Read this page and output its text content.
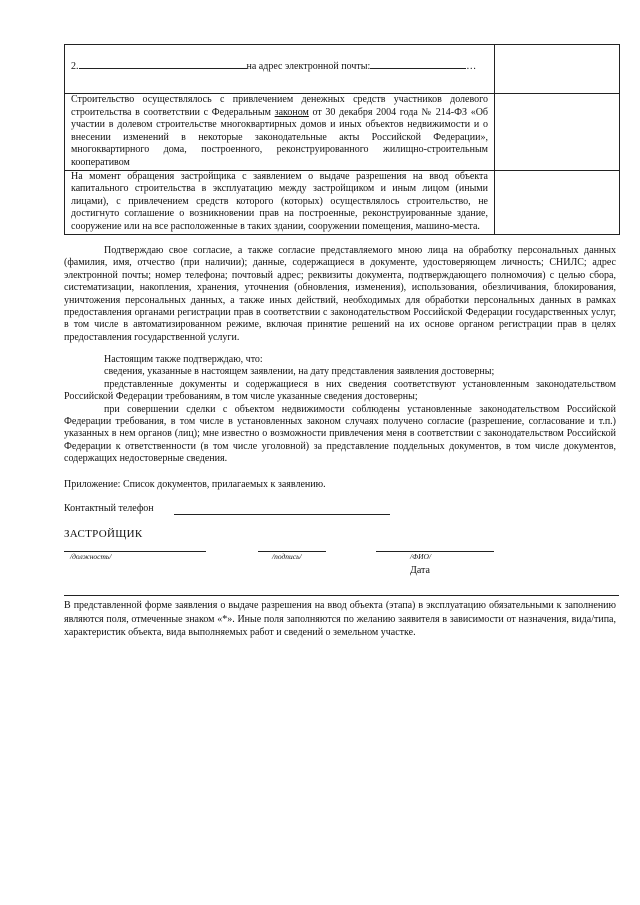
2. на адрес электронной почты: …	
Строительство осуществлялось с привлечением денежных средств участников долевого строительства в соответствии с Федеральным законом от 30 декабря 2004 года № 214-ФЗ «Об участии в долевом строительстве многоквартирных домов и иных объектов недвижимости и о внесении изменений в некоторые законодательные акты Российской Федерации», многоквартирного дома, построенного, реконструированного жилищно-строительным кооперативом	
На момент обращения застройщика с заявлением о выдаче разрешения на ввод объекта капитального строительства в эксплуатацию между застройщиком и иным лицом (иными лицами), с привлечением средств которого (которых) осуществлялось строительство, не достигнуто соглашение о возникновении прав на построенные, реконструированные здание, сооружение или на все расположенные в таких здании, сооружении помещения, машино-места.	

Подтверждаю свое согласие, а также согласие представляемого мною лица на обработку персональных данных (фамилия, имя, отчество (при наличии); данные, содержащиеся в документе, удостоверяющем личность; СНИЛС; адрес электронной почты; номер телефона; почтовый адрес; реквизиты документа, подтверждающего полномочия) с целью сбора, систематизации, накопления, хранения, уточнения (обновления, изменения), использования, обезличивания, блокирования, уничтожения персональных данных, а также иных действий, необходимых для обработки персональных данных в рамках предоставления органами регистрации прав в соответствии с законодательством Российской Федерации государственных услуг, в том числе в автоматизированном режиме, включая принятие решений на их основе органом регистрации прав в целях предоставления государственной услуги.

Настоящим также подтверждаю, что:
сведения, указанные в настоящем заявлении, на дату представления заявления достоверны;
представленные документы и содержащиеся в них сведения соответствуют установленным законодательством Российской Федерации требованиям, в том числе указанные сведения достоверны;
при совершении сделки с объектом недвижимости соблюдены установленные законодательством Российской Федерации требования, в том числе в установленных законом случаях получено согласие (разрешение, согласование и т.п.) указанных в нем органов (лиц); мне известно о возможности привлечения меня в соответствии с законодательством Российской Федерации к ответственности (в том числе уголовной) за представление поддельных документов, в том числе документов, содержащих недостоверные сведения.

Приложение: Список документов, прилагаемых к заявлению.

Контактный телефон
ЗАСТРОЙЩИК
/должность/	/подпись/	/ФИО/
Дата

В представленной форме заявления о выдаче разрешения на ввод объекта (этапа) в эксплуатацию обязательными к заполнению являются поля, отмеченные знаком «*». Иные поля заполняются по желанию заявителя в зависимости от назначения, вида/типа, характеристик объекта, вида выполняемых работ и сведений о земельном участке.
